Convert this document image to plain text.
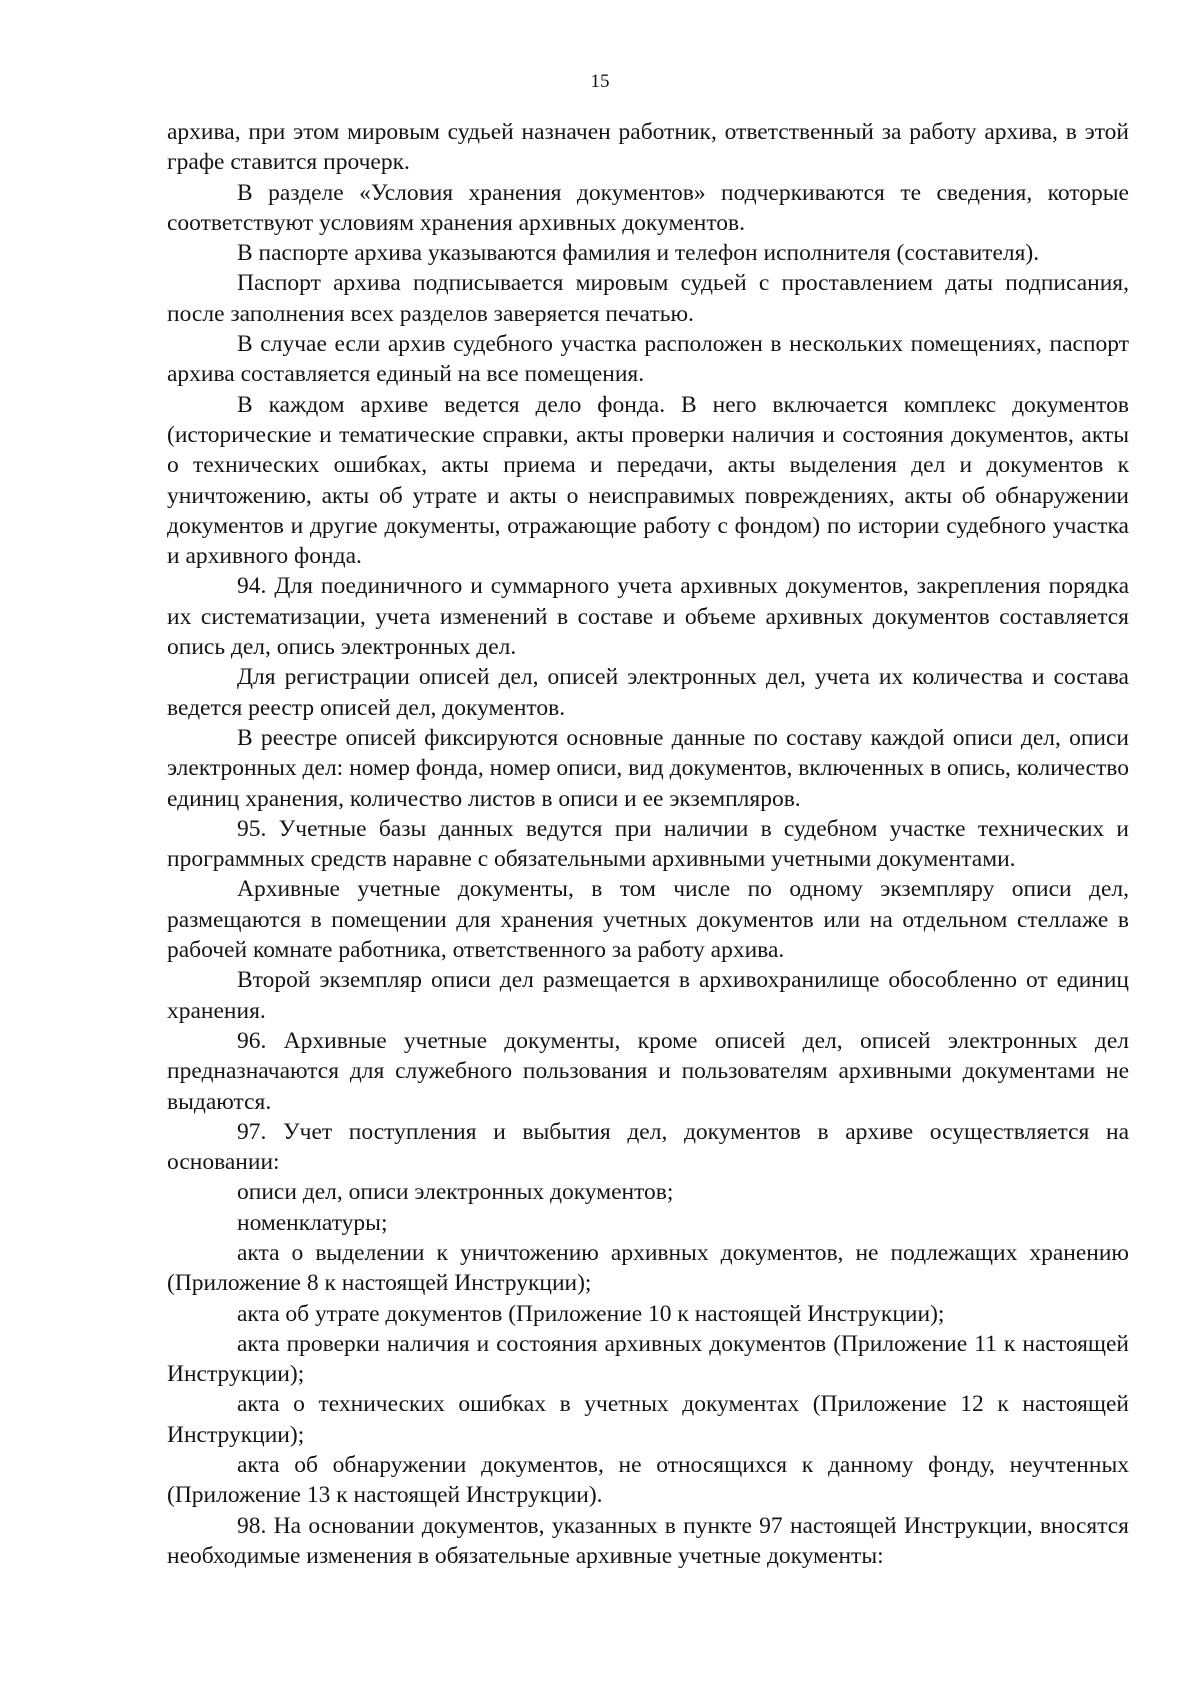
15

архива, при этом мировым судьей назначен работник, ответственный за работу архива, в этой графе ставится прочерк.

В разделе «Условия хранения документов» подчеркиваются те сведения, которые соответствуют условиям хранения архивных документов.

В паспорте архива указываются фамилия и телефон исполнителя (составителя).

Паспорт архива подписывается мировым судьей с проставлением даты подписания, после заполнения всех разделов заверяется печатью.

В случае если архив судебного участка расположен в нескольких помещениях, паспорт архива составляется единый на все помещения.

В каждом архиве ведется дело фонда. В него включается комплекс документов (исторические и тематические справки, акты проверки наличия и состояния документов, акты о технических ошибках, акты приема и передачи, акты выделения дел и документов к уничтожению, акты об утрате и акты о неисправимых повреждениях, акты об обнаружении документов и другие документы, отражающие работу с фондом) по истории судебного участка и архивного фонда.

94. Для поединичного и суммарного учета архивных документов, закрепления порядка их систематизации, учета изменений в составе и объеме архивных документов составляется опись дел, опись электронных дел.

Для регистрации описей дел, описей электронных дел, учета их количества и состава ведется реестр описей дел, документов.

В реестре описей фиксируются основные данные по составу каждой описи дел, описи электронных дел: номер фонда, номер описи, вид документов, включенных в опись, количество единиц хранения, количество листов в описи и ее экземпляров.

95. Учетные базы данных ведутся при наличии в судебном участке технических и программных средств наравне с обязательными архивными учетными документами.

Архивные учетные документы, в том числе по одному экземпляру описи дел, размещаются в помещении для хранения учетных документов или на отдельном стеллаже в рабочей комнате работника, ответственного за работу архива.

Второй экземпляр описи дел размещается в архивохранилище обособленно от единиц хранения.

96. Архивные учетные документы, кроме описей дел, описей электронных дел предназначаются для служебного пользования и пользователям архивными документами не выдаются.

97. Учет поступления и выбытия дел, документов в архиве осуществляется на основании:

описи дел, описи электронных документов;

номенклатуры;

акта о выделении к уничтожению архивных документов, не подлежащих хранению (Приложение 8 к настоящей Инструкции);

акта об утрате документов (Приложение 10 к настоящей Инструкции);

акта проверки наличия и состояния архивных документов (Приложение 11 к настоящей Инструкции);

акта о технических ошибках в учетных документах (Приложение 12 к настоящей Инструкции);

акта об обнаружении документов, не относящихся к данному фонду, неучтенных (Приложение 13 к настоящей Инструкции).

98. На основании документов, указанных в пункте 97 настоящей Инструкции, вносятся необходимые изменения в обязательные архивные учетные документы:
